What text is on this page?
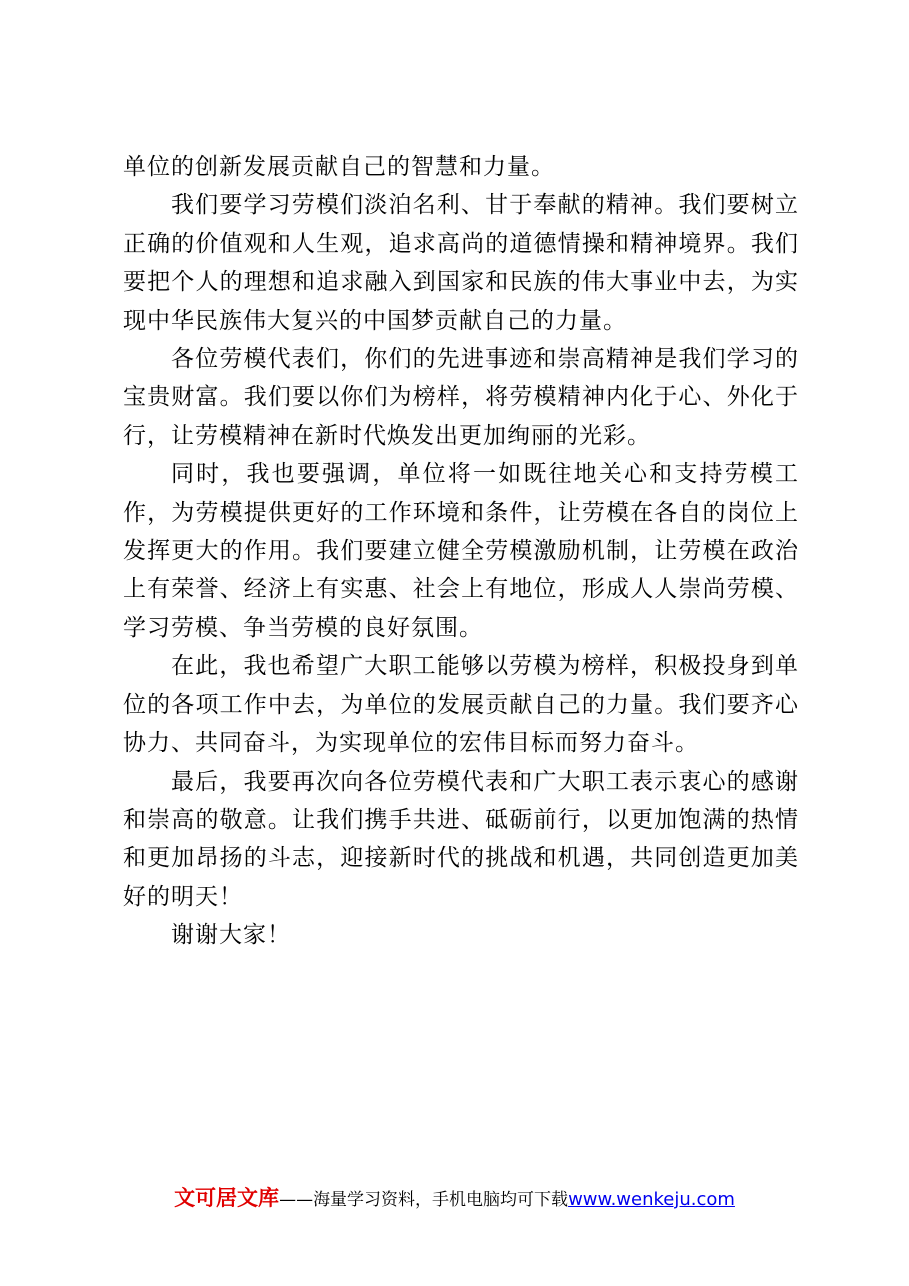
单位的创新发展贡献自己的智慧和力量。

我们要学习劳模们淡泊名利、甘于奉献的精神。我们要树立正确的价值观和人生观，追求高尚的道德情操和精神境界。我们要把个人的理想和追求融入到国家和民族的伟大事业中去，为实现中华民族伟大复兴的中国梦贡献自己的力量。

各位劳模代表们，你们的先进事迹和崇高精神是我们学习的宝贵财富。我们要以你们为榜样，将劳模精神内化于心、外化于行，让劳模精神在新时代焕发出更加绚丽的光彩。

同时，我也要强调，单位将一如既往地关心和支持劳模工作，为劳模提供更好的工作环境和条件，让劳模在各自的岗位上发挥更大的作用。我们要建立健全劳模激励机制，让劳模在政治上有荣誉、经济上有实惠、社会上有地位，形成人人崇尚劳模、学习劳模、争当劳模的良好氛围。

在此，我也希望广大职工能够以劳模为榜样，积极投身到单位的各项工作中去，为单位的发展贡献自己的力量。我们要齐心协力、共同奋斗，为实现单位的宏伟目标而努力奋斗。

最后，我要再次向各位劳模代表和广大职工表示衷心的感谢和崇高的敬意。让我们携手共进、砥砺前行，以更加饱满的热情和更加昂扬的斗志，迎接新时代的挑战和机遇，共同创造更加美好的明天！

谢谢大家！

文可居文库——海量学习资料，手机电脑均可下载www.wenkeju.com
